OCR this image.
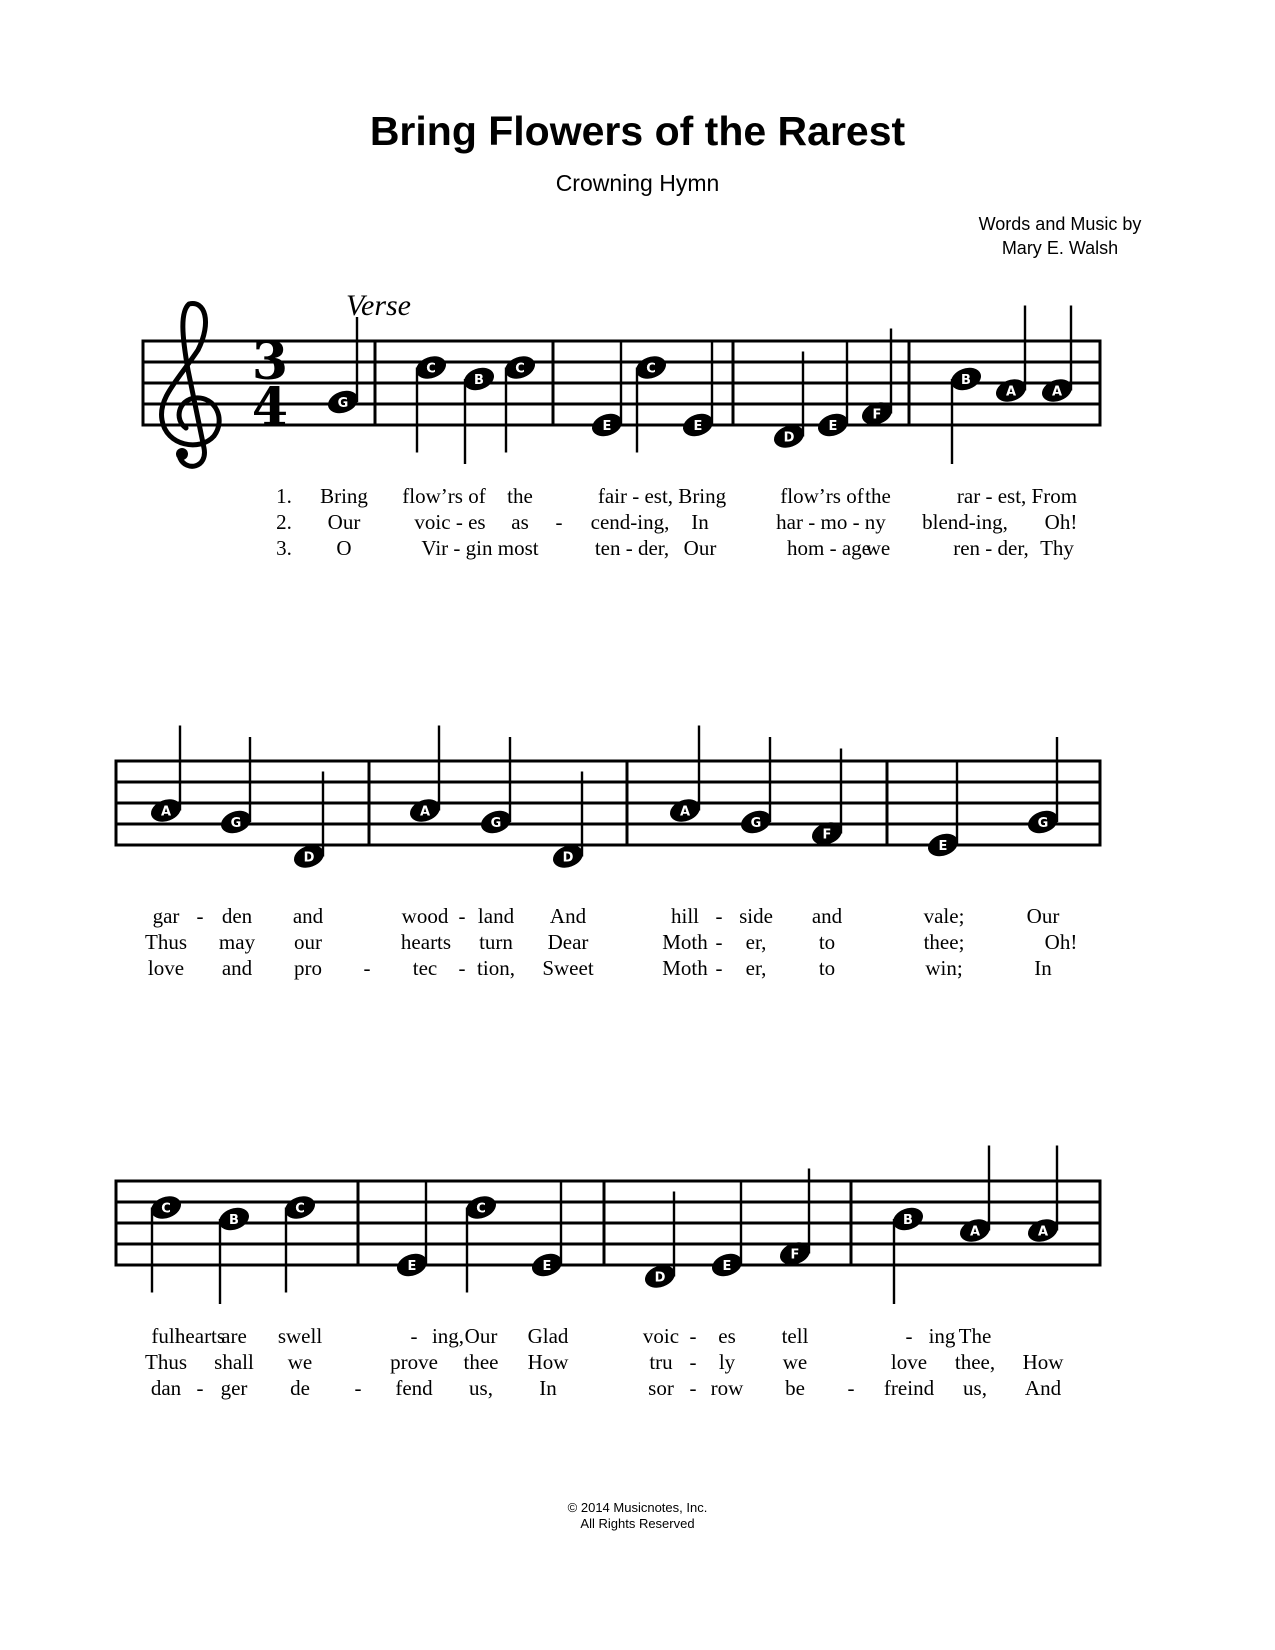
Bring Flowers of the Rarest
Crowning Hymn
Words and Music by
Mary E. Walsh
Verse
3
4
1.
2.
3.
G
C
B
C
E
C
E
D
E
F
B
A	A
Bring flow’rs of the	fair - est, Bring	flow’rs of the	rar - est, From
Our	voic - es as - cend-ing, In	har - mo - ny blend-ing, Oh!
O	Vir - gin most	ten - der, Our	hom - age
we	ren - der, Thy
A
G
D
A
G
D
A
G
F
E
G
gar - den and	wood - land And	hill - side and	vale;	Our
Thus may our	hearts turn Dear	Moth - er, to	thee;	Oh!
love and pro - tec - tion, Sweet	Moth - er, to	win;	In
C
B
C
E
C
E
D
E
F
B
A	A
full
hearts
are swell	- ing, Our Glad	voic - es tell	- ing The
Thus shall we	prove thee How	tru - ly we	love thee, How
dan - ger de - fend us, In	sor - row be - freind us, And
© 2014 Musicnotes, Inc.
All Rights Reserved
